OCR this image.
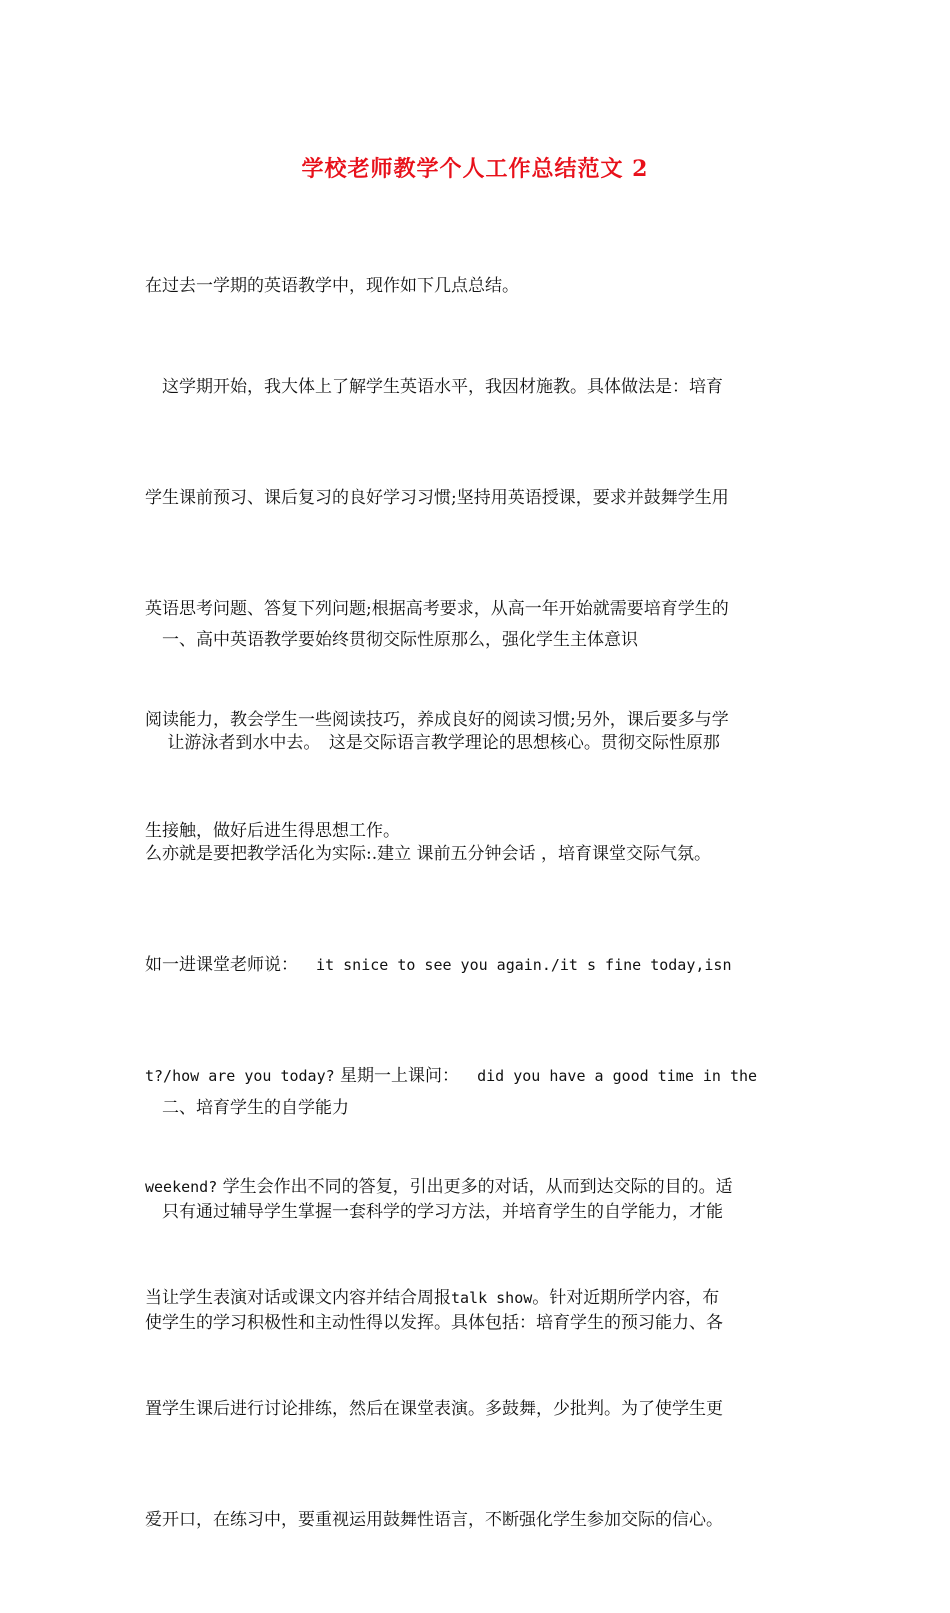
学校老师教学个人工作总结范文 2

在过去一学期的英语教学中，现作如下几点总结。

　这学期开始，我大体上了解学生英语水平，我因材施教。具体做法是：培育

学生课前预习、课后复习的良好学习习惯;坚持用英语授课，要求并鼓舞学生用

英语思考问题、答复下列问题;根据高考要求，从高一年开始就需要培育学生的

阅读能力，教会学生一些阅读技巧，养成良好的阅读习惯;另外，课后要多与学

生接触，做好后进生得思想工作。

　一、高中英语教学要始终贯彻交际性原那么，强化学生主体意识

　 让游泳者到水中去。　这是交际语言教学理论的思想核心。贯彻交际性原那

么亦就是要把教学活化为实际:.建立 课前五分钟会话 ，培育课堂交际气氛。

如一进课堂老师说：  it snice to see you again./it s fine today,isn

t?/how are you today? 星期一上课问：  did you have a good time in the

weekend? 学生会作出不同的答复，引出更多的对话，从而到达交际的目的。适

当让学生表演对话或课文内容并结合周报talk show。针对近期所学内容，布

置学生课后进行讨论排练，然后在课堂表演。多鼓舞，少批判。为了使学生更

爱开口，在练习中，要重视运用鼓舞性语言，不断强化学生参加交际的信心。

　二、培育学生的自学能力

　只有通过辅导学生掌握一套科学的学习方法，并培育学生的自学能力，才能

使学生的学习积极性和主动性得以发挥。具体包括：培育学生的预习能力、各
